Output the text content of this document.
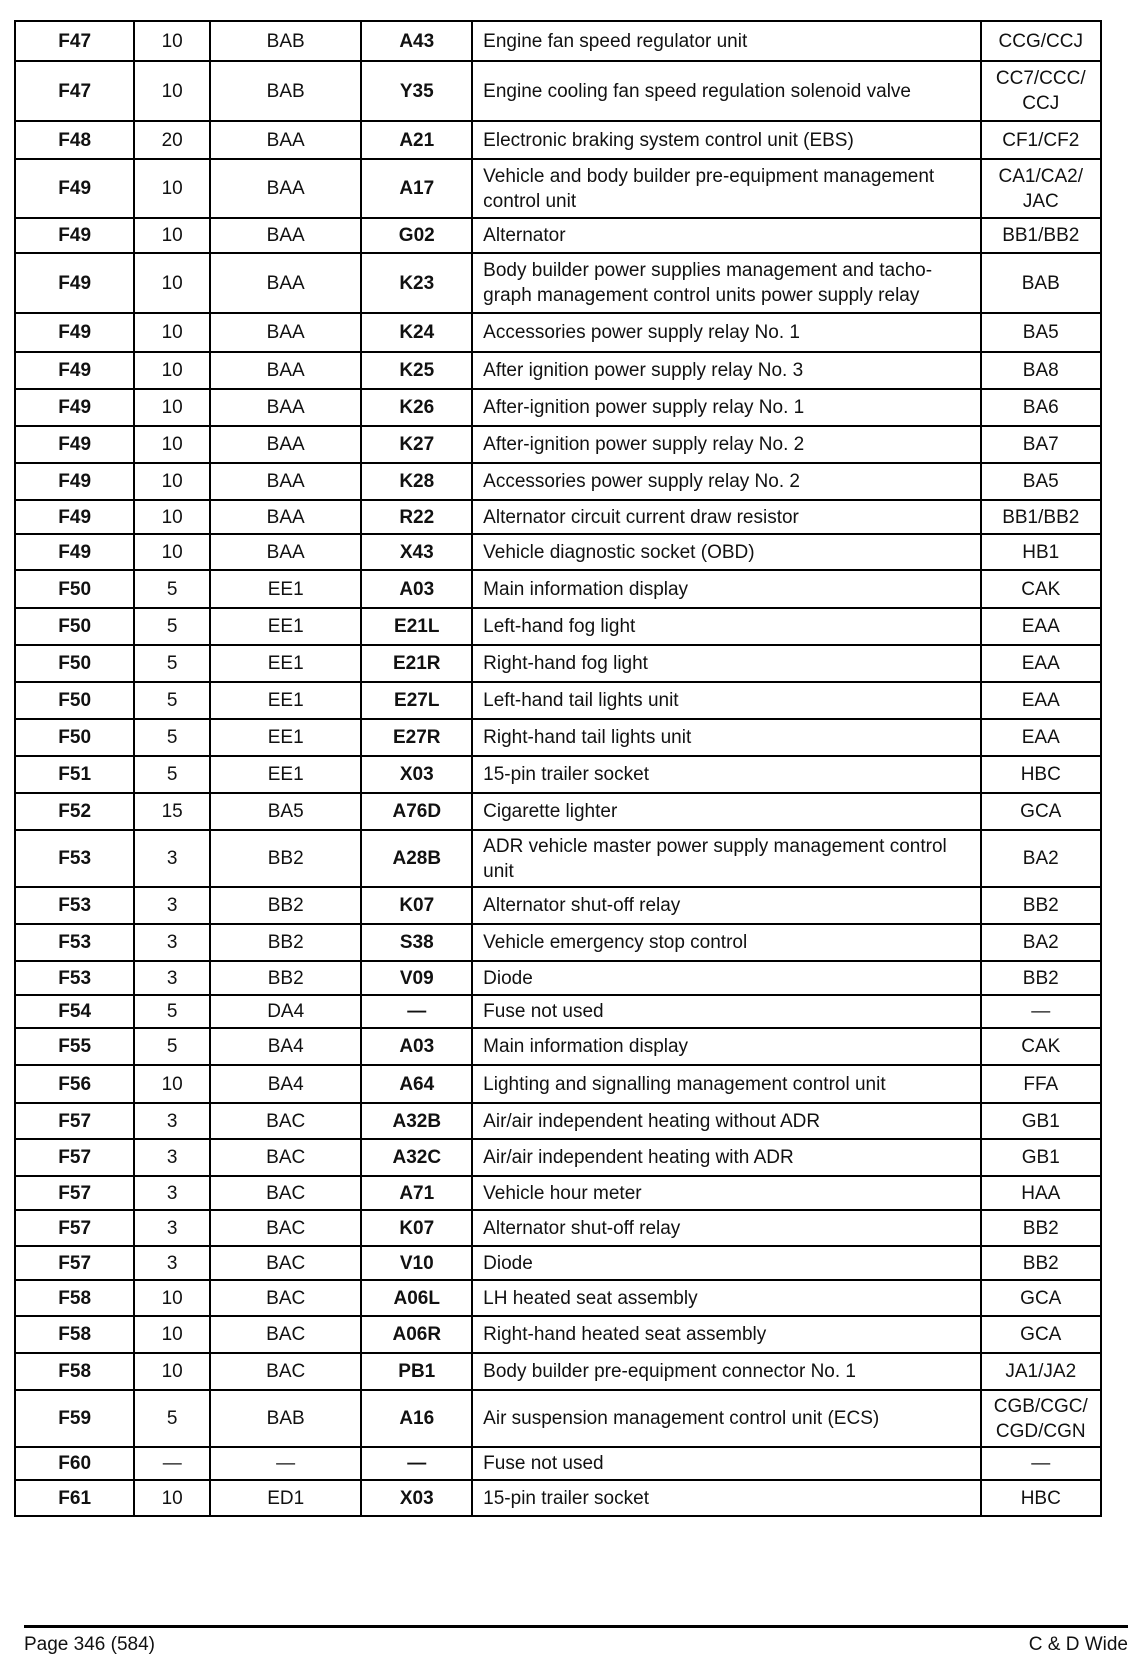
F47	10	BAB	A43	Engine fan speed regulator unit	CCG/CCJ
F47	10	BAB	Y35	Engine cooling fan speed regulation solenoid valve	CC7/CCC/ CCJ
F48	20	BAA	A21	Electronic braking system control unit (EBS)	CF1/CF2
F49	10	BAA	A17	Vehicle and body builder pre-equipment management control unit	CA1/CA2/ JAC
F49	10	BAA	G02	Alternator	BB1/BB2
F49	10	BAA	K23	Body builder power supplies management and tachograph management control units power supply relay	BAB
F49	10	BAA	K24	Accessories power supply relay No. 1	BA5
F49	10	BAA	K25	After ignition power supply relay No. 3	BA8
F49	10	BAA	K26	After-ignition power supply relay No. 1	BA6
F49	10	BAA	K27	After-ignition power supply relay No. 2	BA7
F49	10	BAA	K28	Accessories power supply relay No. 2	BA5
F49	10	BAA	R22	Alternator circuit current draw resistor	BB1/BB2
F49	10	BAA	X43	Vehicle diagnostic socket (OBD)	HB1
F50	5	EE1	A03	Main information display	CAK
F50	5	EE1	E21L	Left-hand fog light	EAA
F50	5	EE1	E21R	Right-hand fog light	EAA
F50	5	EE1	E27L	Left-hand tail lights unit	EAA
F50	5	EE1	E27R	Right-hand tail lights unit	EAA
F51	5	EE1	X03	15-pin trailer socket	HBC
F52	15	BA5	A76D	Cigarette lighter	GCA
F53	3	BB2	A28B	ADR vehicle master power supply management control unit	BA2
F53	3	BB2	K07	Alternator shut-off relay	BB2
F53	3	BB2	S38	Vehicle emergency stop control	BA2
F53	3	BB2	V09	Diode	BB2
F54	5	DA4	—	Fuse not used	—
F55	5	BA4	A03	Main information display	CAK
F56	10	BA4	A64	Lighting and signalling management control unit	FFA
F57	3	BAC	A32B	Air/air independent heating without ADR	GB1
F57	3	BAC	A32C	Air/air independent heating with ADR	GB1
F57	3	BAC	A71	Vehicle hour meter	HAA
F57	3	BAC	K07	Alternator shut-off relay	BB2
F57	3	BAC	V10	Diode	BB2
F58	10	BAC	A06L	LH heated seat assembly	GCA
F58	10	BAC	A06R	Right-hand heated seat assembly	GCA
F58	10	BAC	PB1	Body builder pre-equipment connector No. 1	JA1/JA2
F59	5	BAB	A16	Air suspension management control unit (ECS)	CGB/CGC/ CGD/CGN
F60	—	—	—	Fuse not used	—
F61	10	ED1	X03	15-pin trailer socket	HBC
Page 346 (584)	C & D Wide
